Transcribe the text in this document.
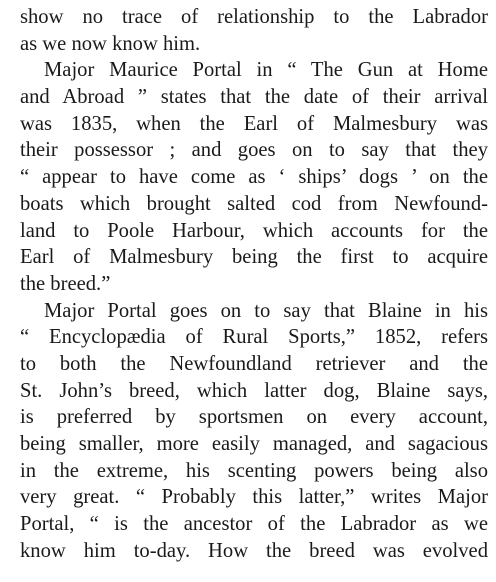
show no trace of relationship to the Labrador
as we now know him.
Major Maurice Portal in “ The Gun at Home
and Abroad ” states that the date of their arrival
was 1835, when the Earl of Malmesbury was
their possessor ; and goes on to say that they
“ appear to have come as ‘ ships’ dogs ’ on the
boats which brought salted cod from Newfound-
land to Poole Harbour, which accounts for the
Earl of Malmesbury being the first to acquire
the breed.”
Major Portal goes on to say that Blaine in his
“ Encyclopædia of Rural Sports,” 1852, refers
to both the Newfoundland retriever and the
St. John’s breed, which latter dog, Blaine says,
is preferred by sportsmen on every account,
being smaller, more easily managed, and sagacious
in the extreme, his scenting powers being also
very great. “ Probably this latter,” writes Major
Portal, “ is the ancestor of the Labrador as we
know him to-day. How the breed was evolved
